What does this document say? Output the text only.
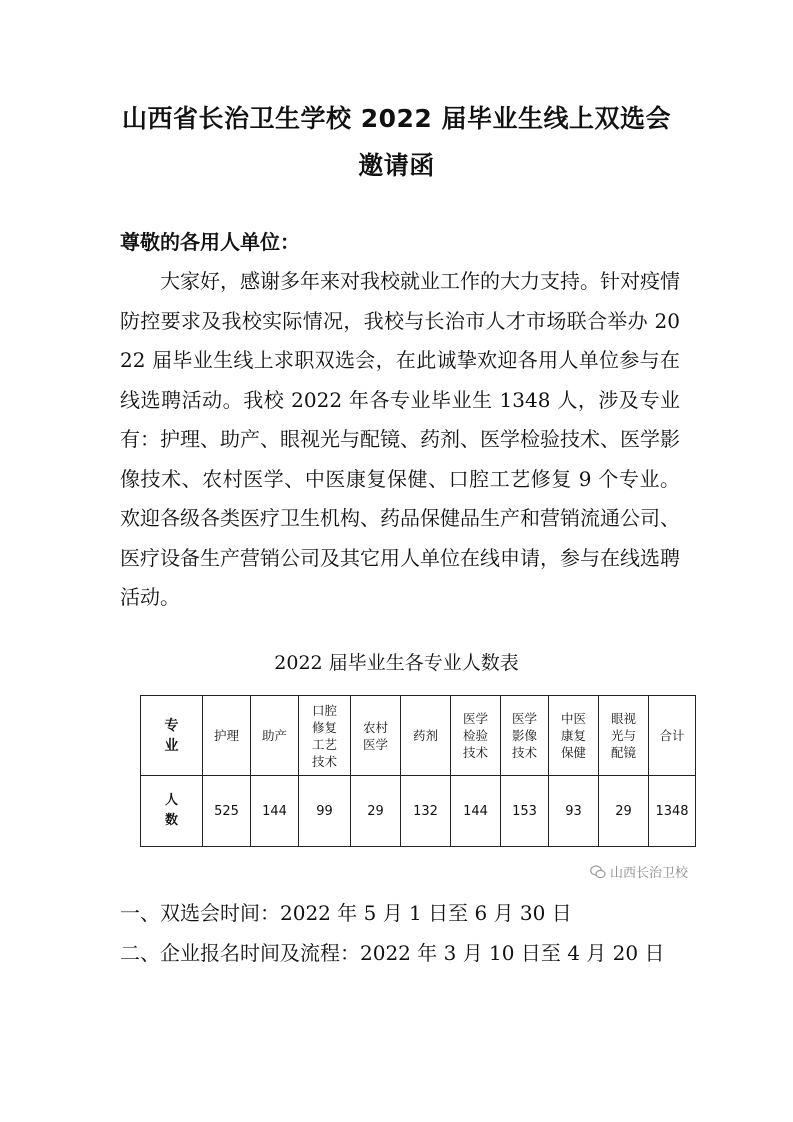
山西省长治卫生学校 2022 届毕业生线上双选会
邀请函
尊敬的各用人单位：

大家好，感谢多年来对我校就业工作的大力支持。针对疫情防控要求及我校实际情况，我校与长治市人才市场联合举办 2022 届毕业生线上求职双选会，在此诚挚欢迎各用人单位参与在线选聘活动。我校 2022 年各专业毕业生 1348 人，涉及专业有：护理、助产、眼视光与配镜、药剂、医学检验技术、医学影像技术、农村医学、中医康复保健、口腔工艺修复 9 个专业。欢迎各级各类医疗卫生机构、药品保健品生产和营销流通公司、医疗设备生产营销公司及其它用人单位在线申请，参与在线选聘活动。

2022 届毕业生各专业人数表
专
业	护理	助产	口腔
修复
工艺
技术	农村
医学	药剂	医学
检验
技术	医学
影像
技术	中医
康复
保健	眼视
光与
配镜	合计
人
数	525	144	99	29	132	144	153	93	29	1348
山西长治卫校
一、双选会时间：2022 年 5 月 1 日至 6 月 30 日
二、企业报名时间及流程：2022 年 3 月 10 日至 4 月 20 日
